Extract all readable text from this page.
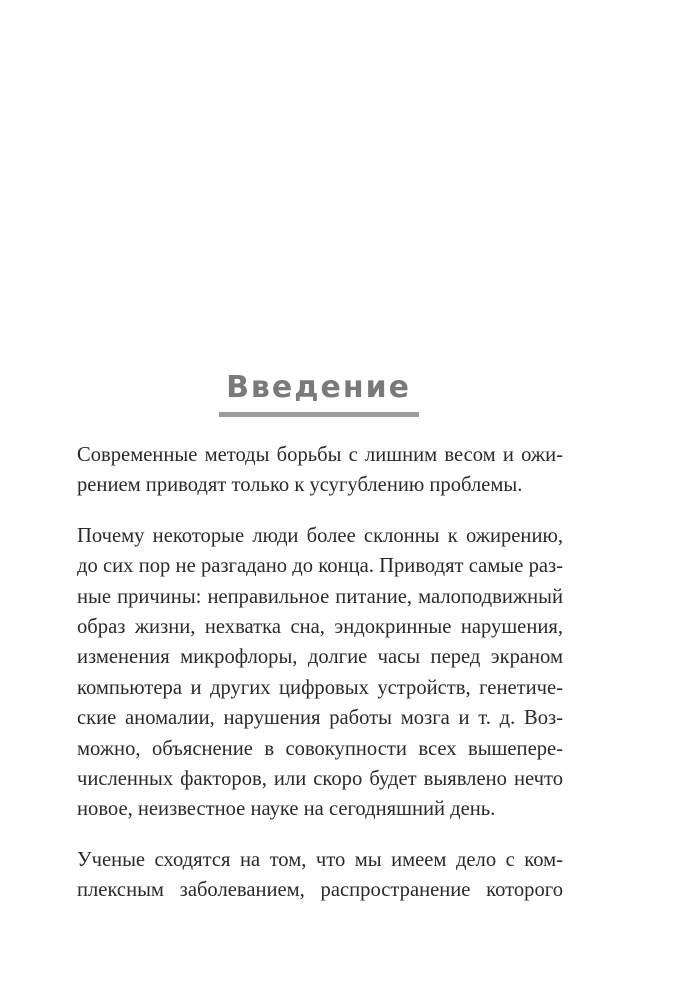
Введение
Современные методы борьбы с лишним весом и ожи-
рением приводят только к усугублению проблемы.
Почему некоторые люди более склонны к ожирению,
до сих пор не разгадано до конца. Приводят самые раз-
ные причины: неправильное питание, малоподвижный
образ жизни, нехватка сна, эндокринные нарушения,
изменения микрофлоры, долгие часы перед экраном
компьютера и других цифровых устройств, генетиче-
ские аномалии, нарушения работы мозга и т. д. Воз-
можно, объяснение в совокупности всех вышепере-
численных факторов, или скоро будет выявлено нечто
новое, неизвестное науке на сегодняшний день.
Ученые сходятся на том, что мы имеем дело с ком-
плексным заболеванием, распространение которого
